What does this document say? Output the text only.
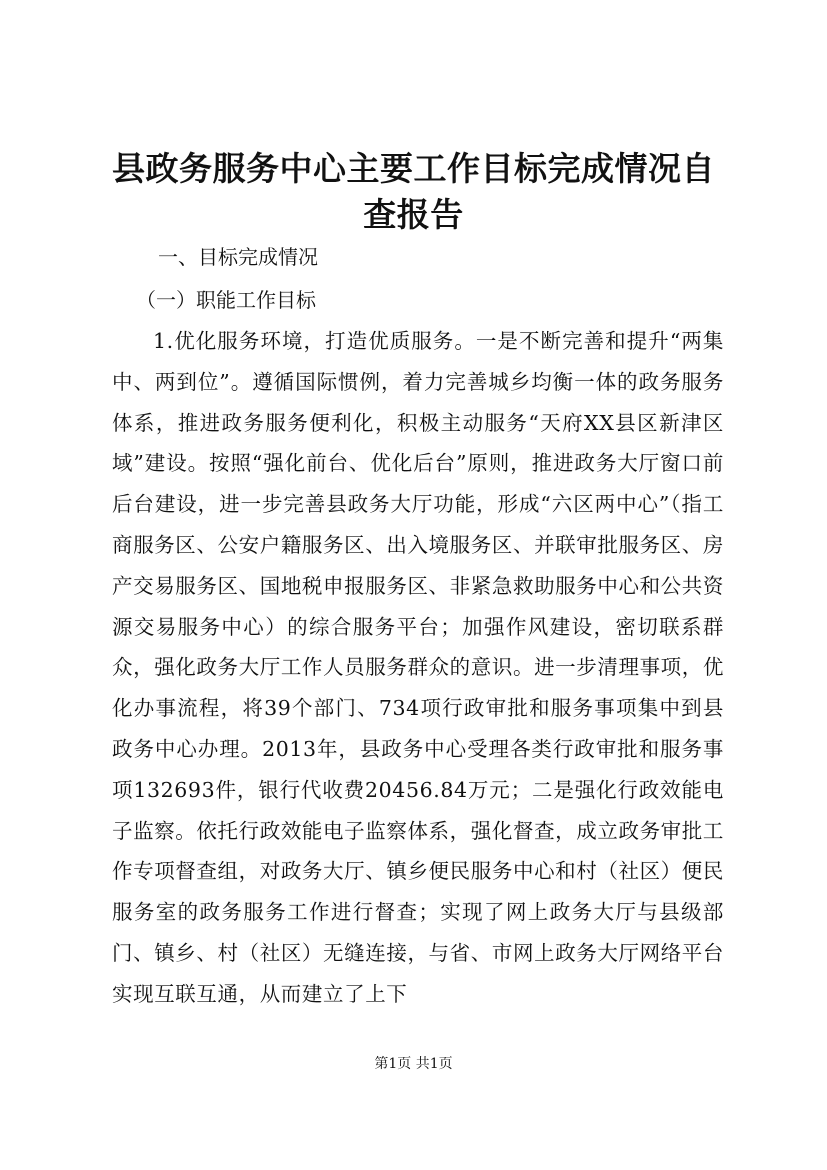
县政务服务中心主要工作目标完成情况自查报告

一、目标完成情况

（一）职能工作目标

1.优化服务环境，打造优质服务。一是不断完善和提升“两集中、两到位”。遵循国际惯例，着力完善城乡均衡一体的政务服务体系，推进政务服务便利化，积极主动服务“天府XX县区新津区域”建设。按照“强化前台、优化后台”原则，推进政务大厅窗口前后台建设，进一步完善县政务大厅功能，形成“六区两中心”（指工商服务区、公安户籍服务区、出入境服务区、并联审批服务区、房产交易服务区、国地税申报服务区、非紧急救助服务中心和公共资源交易服务中心）的综合服务平台；加强作风建设，密切联系群众，强化政务大厅工作人员服务群众的意识。进一步清理事项，优化办事流程，将39个部门、734项行政审批和服务事项集中到县政务中心办理。2013年，县政务中心受理各类行政审批和服务事项132693件，银行代收费20456.84万元；二是强化行政效能电子监察。依托行政效能电子监察体系，强化督查，成立政务审批工作专项督查组，对政务大厅、镇乡便民服务中心和村（社区）便民服务室的政务服务工作进行督查；实现了网上政务大厅与县级部门、镇乡、村（社区）无缝连接，与省、市网上政务大厅网络平台实现互联互通，从而建立了上下

第1页 共1页
